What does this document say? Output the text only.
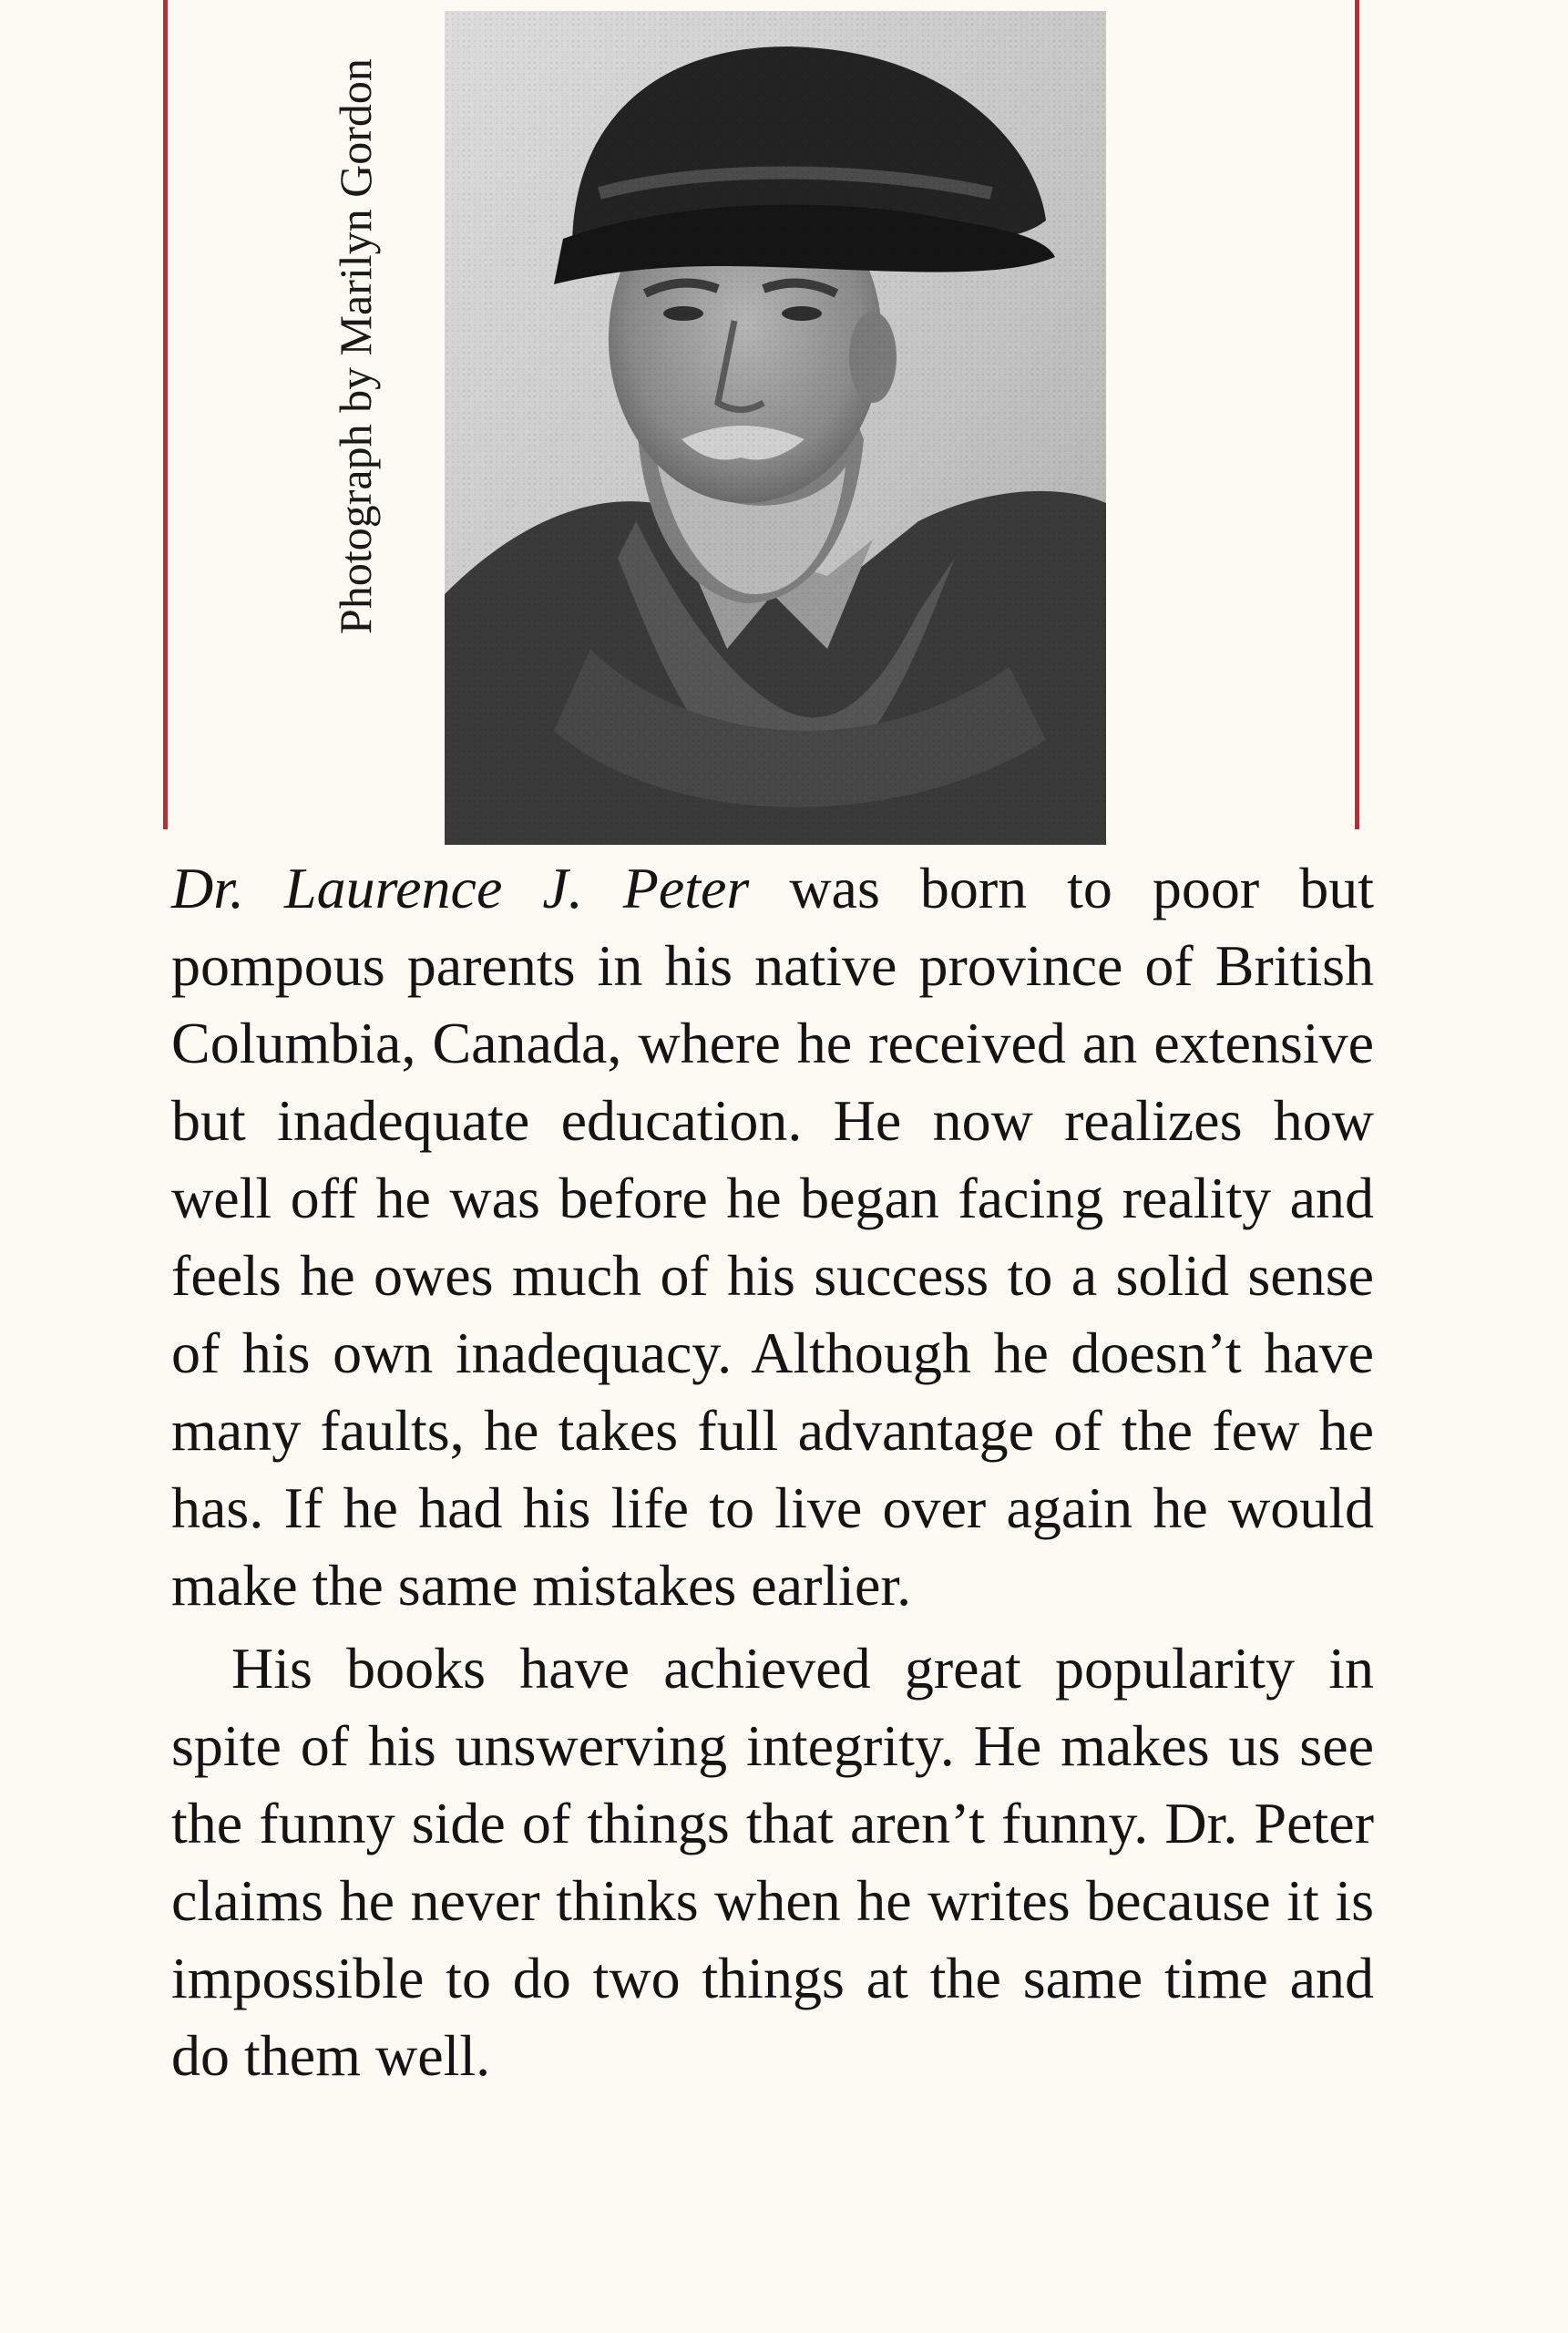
Photograph by Marilyn Gordon

Dr. Laurence J. Peter was born to poor but pompous parents in his native province of British Columbia, Canada, where he received an extensive but inadequate education. He now realizes how well off he was before he began facing reality and feels he owes much of his success to a solid sense of his own inadequacy. Although he doesn’t have many faults, he takes full advantage of the few he has. If he had his life to live over again he would make the same mistakes earlier.

His books have achieved great popularity in spite of his unswerving integrity. He makes us see the funny side of things that aren’t funny. Dr. Peter claims he never thinks when he writes because it is impossible to do two things at the same time and do them well.
